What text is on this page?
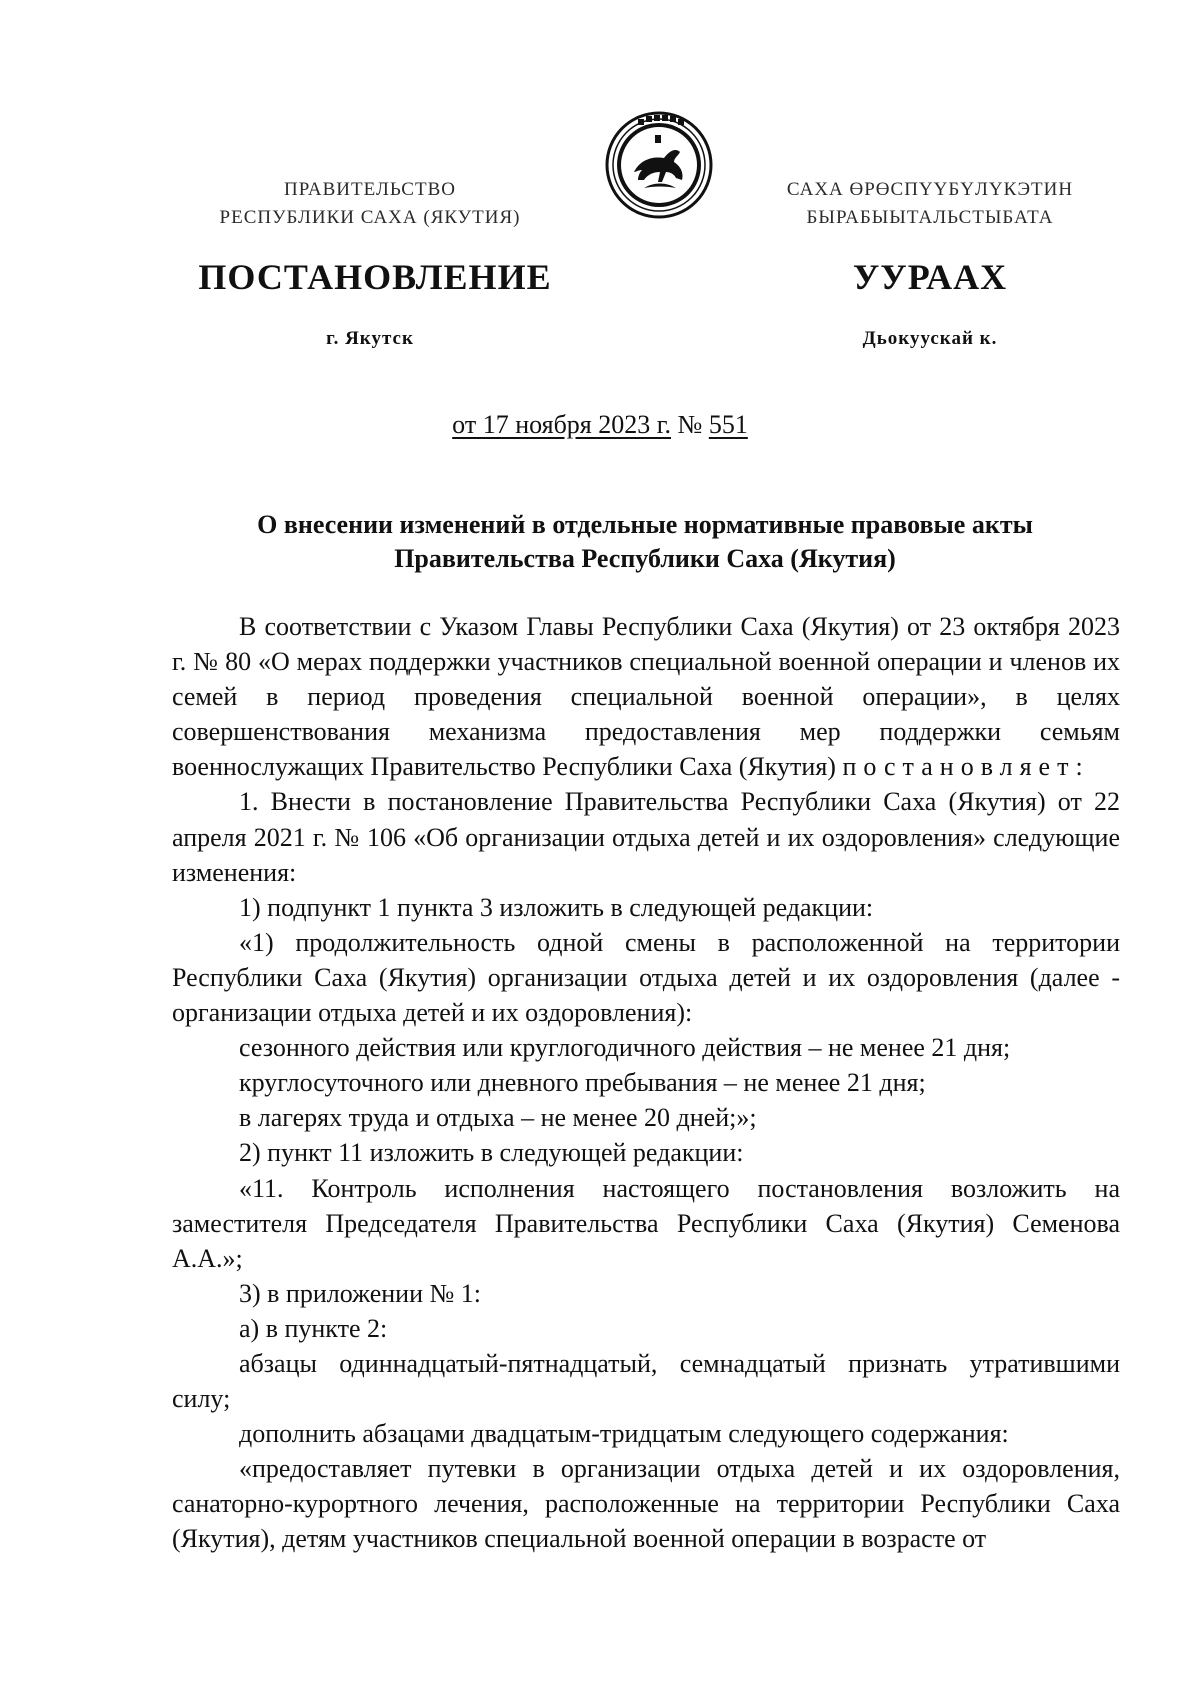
ПРАВИТЕЛЬСТВО
РЕСПУБЛИКИ САХА (ЯКУТИЯ)
САХА ӨРӨСПҮҮБҮЛҮКЭТИН
БЫРАБЫЫТАЛЬСТЫБАТА
ПОСТАНОВЛЕНИЕ	УУРААХ
г. Якутск	Дьокуускай к.
от 17 ноября 2023 г. № 551
О внесении изменений в отдельные нормативные правовые акты
Правительства Республики Саха (Якутия)

В соответствии с Указом Главы Республики Саха (Якутия) от 23 октября 2023 г. № 80 «О мерах поддержки участников специальной военной операции и членов их семей в период проведения специальной военной операции», в целях совершенствования механизма предоставления мер поддержки семьям военнослужащих Правительство Республики Саха (Якутия) постановляет:

1. Внести в постановление Правительства Республики Саха (Якутия) от 22 апреля 2021 г. № 106 «Об организации отдыха детей и их оздоровления» следующие изменения:

1) подпункт 1 пункта 3 изложить в следующей редакции:

«1) продолжительность одной смены в расположенной на территории Республики Саха (Якутия) организации отдыха детей и их оздоровления (далее - организации отдыха детей и их оздоровления):

сезонного действия или круглогодичного действия – не менее 21 дня;

круглосуточного или дневного пребывания – не менее 21 дня;

в лагерях труда и отдыха – не менее 20 дней;»;

2) пункт 11 изложить в следующей редакции:

«11. Контроль исполнения настоящего постановления возложить на заместителя Председателя Правительства Республики Саха (Якутия) Семенова А.А.»;

3) в приложении № 1:

а) в пункте 2:

абзацы одиннадцатый-пятнадцатый, семнадцатый признать утратившими силу;

дополнить абзацами двадцатым-тридцатым следующего содержания:

«предоставляет путевки в организации отдыха детей и их оздоровления, санаторно-курортного лечения, расположенные на территории Республики Саха (Якутия), детям участников специальной военной операции в возрасте от
